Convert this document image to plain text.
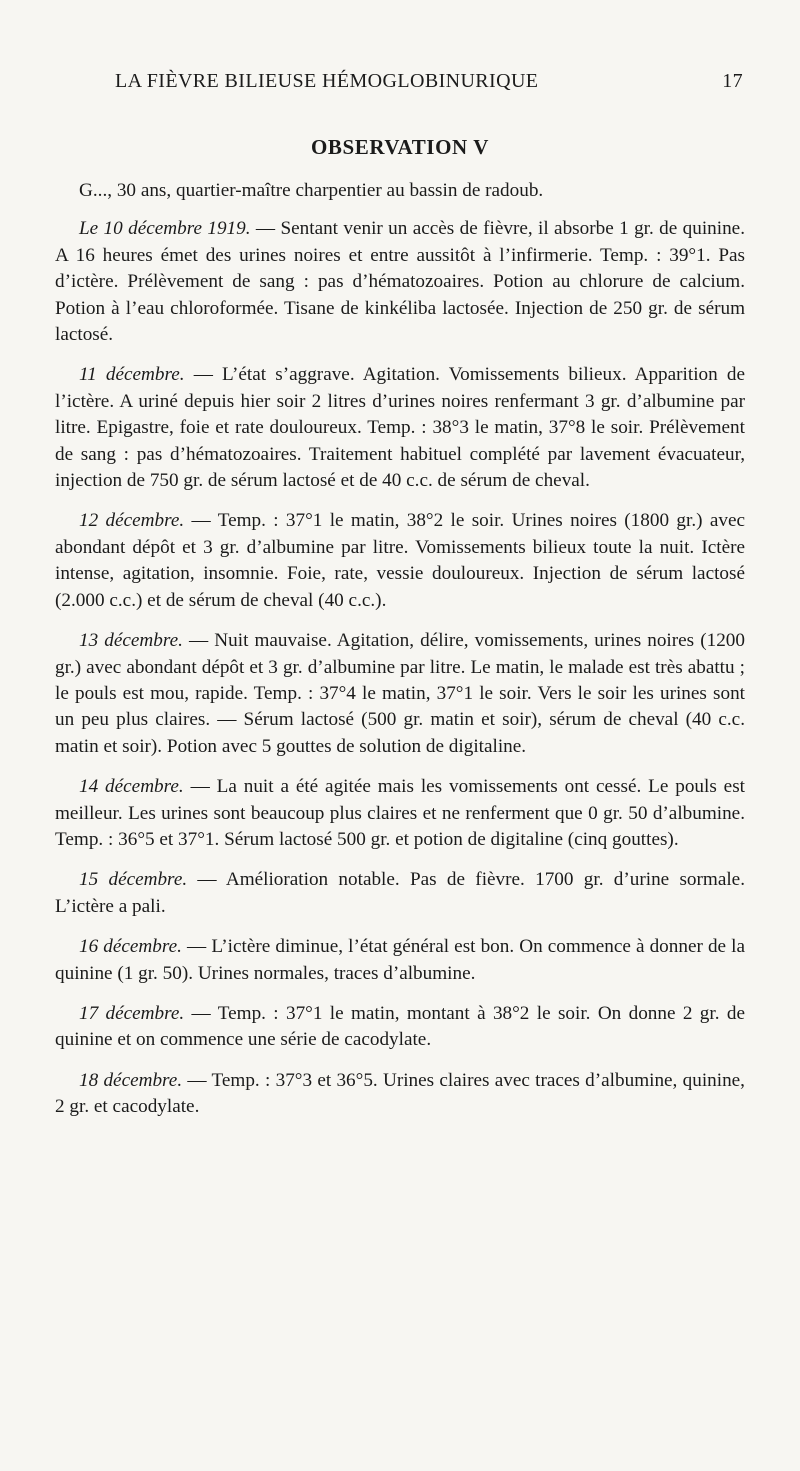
LA FIÈVRE BILIEUSE HÉMOGLOBINURIQUE	17
OBSERVATION V

G..., 30 ans, quartier-maître charpentier au bassin de radoub.

Le 10 décembre 1919. — Sentant venir un accès de fièvre, il absorbe 1 gr. de quinine. A 16 heures émet des urines noires et entre aussitôt à l’infirmerie. Temp. : 39°1. Pas d’ictère. Prélèvement de sang : pas d’hématozoaires. Potion au chlorure de calcium. Potion à l’eau chloroformée. Tisane de kinkéliba lactosée. Injection de 250 gr. de sérum lactosé.

11 décembre. — L’état s’aggrave. Agitation. Vomissements bilieux. Apparition de l’ictère. A uriné depuis hier soir 2 litres d’urines noires renfermant 3 gr. d’albumine par litre. Epigastre, foie et rate douloureux. Temp. : 38°3 le matin, 37°8 le soir. Prélèvement de sang : pas d’hématozoaires. Traitement habituel complété par lavement évacuateur, injection de 750 gr. de sérum lactosé et de 40 c.c. de sérum de cheval.

12 décembre. — Temp. : 37°1 le matin, 38°2 le soir. Urines noires (1800 gr.) avec abondant dépôt et 3 gr. d’albumine par litre. Vomissements bilieux toute la nuit. Ictère intense, agitation, insomnie. Foie, rate, vessie douloureux. Injection de sérum lactosé (2.000 c.c.) et de sérum de cheval (40 c.c.).

13 décembre. — Nuit mauvaise. Agitation, délire, vomissements, urines noires (1200 gr.) avec abondant dépôt et 3 gr. d’albumine par litre. Le matin, le malade est très abattu ; le pouls est mou, rapide. Temp. : 37°4 le matin, 37°1 le soir. Vers le soir les urines sont un peu plus claires. — Sérum lactosé (500 gr. matin et soir), sérum de cheval (40 c.c. matin et soir). Potion avec 5 gouttes de solution de digitaline.

14 décembre. — La nuit a été agitée mais les vomissements ont cessé. Le pouls est meilleur. Les urines sont beaucoup plus claires et ne renferment que 0 gr. 50 d’albumine. Temp. : 36°5 et 37°1. Sérum lactosé 500 gr. et potion de digitaline (cinq gouttes).

15 décembre. — Amélioration notable. Pas de fièvre. 1700 gr. d’urine sormale. L’ictère a pali.

16 décembre. — L’ictère diminue, l’état général est bon. On commence à donner de la quinine (1 gr. 50). Urines normales, traces d’albumine.

17 décembre. — Temp. : 37°1 le matin, montant à 38°2 le soir. On donne 2 gr. de quinine et on commence une série de cacodylate.

18 décembre. — Temp. : 37°3 et 36°5. Urines claires avec traces d’albumine, quinine, 2 gr. et cacodylate.
